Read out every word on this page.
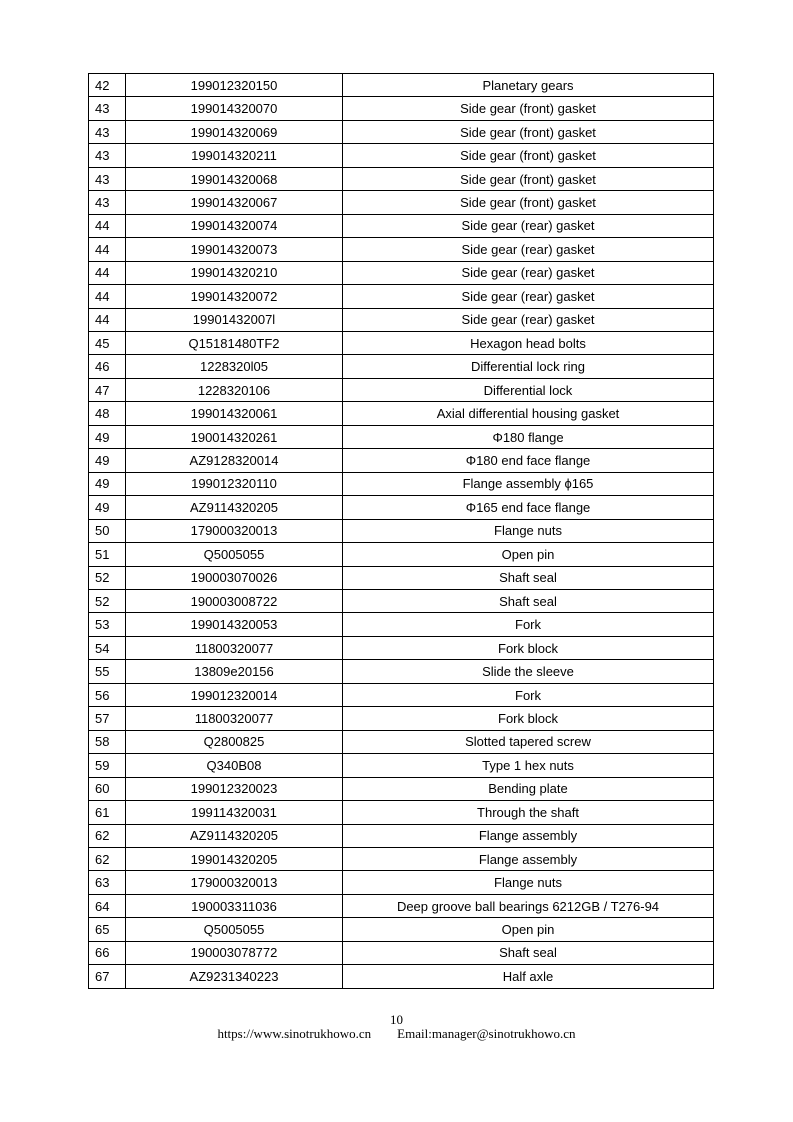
42	199012320150	Planetary gears
43	199014320070	Side gear (front) gasket
43	199014320069	Side gear (front) gasket
43	199014320211	Side gear (front) gasket
43	199014320068	Side gear (front) gasket
43	199014320067	Side gear (front) gasket
44	199014320074	Side gear (rear) gasket
44	199014320073	Side gear (rear) gasket
44	199014320210	Side gear (rear) gasket
44	199014320072	Side gear (rear) gasket
44	19901432007l	Side gear (rear) gasket
45	Q15181480TF2	Hexagon head bolts
46	1228320l05	Differential lock ring
47	1228320106	Differential lock
48	199014320061	Axial differential housing gasket
49	190014320261	Φ180 flange
49	AZ9128320014	Φ180 end face flange
49	199012320110	Flange assembly ϕ165
49	AZ9114320205	Φ165 end face flange
50	179000320013	Flange nuts
51	Q5005055	Open pin
52	190003070026	Shaft seal
52	190003008722	Shaft seal
53	199014320053	Fork
54	11800320077	Fork block
55	13809e20156	Slide the sleeve
56	199012320014	Fork
57	11800320077	Fork block
58	Q2800825	Slotted tapered screw
59	Q340B08	Type 1 hex nuts
60	199012320023	Bending plate
61	199114320031	Through the shaft
62	AZ9114320205	Flange assembly
62	199014320205	Flange assembly
63	179000320013	Flange nuts
64	190003311036	Deep groove ball bearings 6212GB / T276-94
65	Q5005055	Open pin
66	190003078772	Shaft seal
67	AZ9231340223	Half axle
10
https://www.sinotrukhowo.cn Email:manager@sinotrukhowo.cn
